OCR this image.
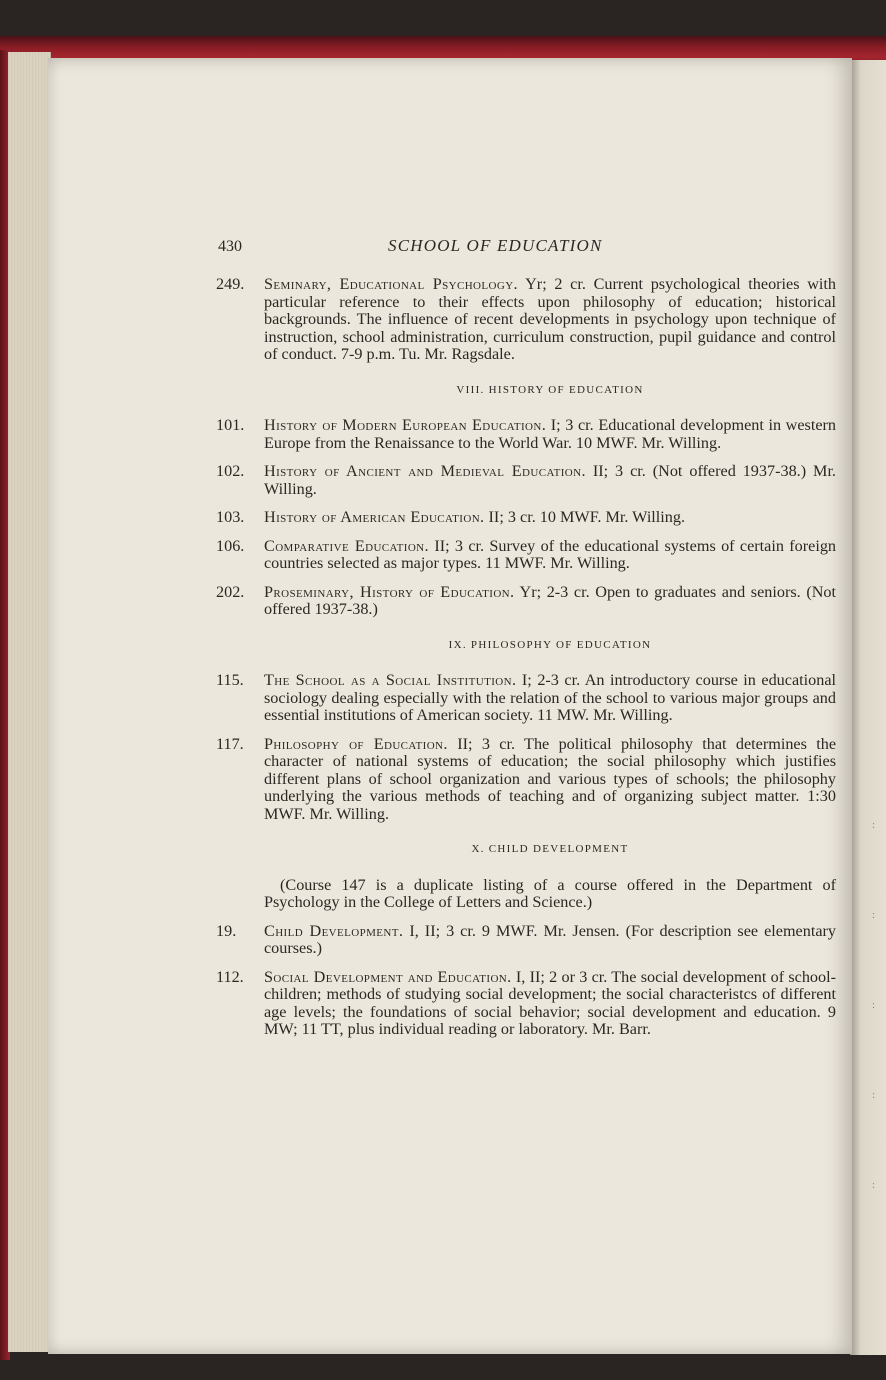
:
:
:
:
:
430	SCHOOL OF EDUCATION
249. Seminary, Educational Psychology. Yr; 2 cr. Current psychological theories with particular reference to their effects upon philosophy of education; historical backgrounds. The influence of recent developments in psychology upon technique of instruction, school administration, curriculum construction, pupil guidance and control of conduct. 7-9 p.m. Tu. Mr. Ragsdale.
VIII. HISTORY OF EDUCATION
101. History of Modern European Education. I; 3 cr. Educational development in western Europe from the Renaissance to the World War. 10 MWF. Mr. Willing.
102. History of Ancient and Medieval Education. II; 3 cr. (Not offered 1937-38.) Mr. Willing.
103. History of American Education. II; 3 cr. 10 MWF. Mr. Willing.
106. Comparative Education. II; 3 cr. Survey of the educational systems of certain foreign countries selected as major types. 11 MWF. Mr. Willing.
202. Proseminary, History of Education. Yr; 2-3 cr. Open to graduates and seniors. (Not offered 1937-38.)
IX. PHILOSOPHY OF EDUCATION
115. The School as a Social Institution. I; 2-3 cr. An introductory course in educational sociology dealing especially with the relation of the school to various major groups and essential institutions of American society. 11 MW. Mr. Willing.
117. Philosophy of Education. II; 3 cr. The political philosophy that determines the character of national systems of education; the social philosophy which justifies different plans of school organization and various types of schools; the philosophy underlying the various methods of teaching and of organizing subject matter. 1:30 MWF. Mr. Willing.
X. CHILD DEVELOPMENT
(Course 147 is a duplicate listing of a course offered in the Department of Psychology in the College of Letters and Science.)
19. Child Development. I, II; 3 cr. 9 MWF. Mr. Jensen. (For description see elementary courses.)
112. Social Development and Education. I, II; 2 or 3 cr. The social development of school-children; methods of studying social development; the social characteristcs of different age levels; the foundations of social behavior; social development and education. 9 MW; 11 TT, plus individual reading or laboratory. Mr. Barr.
